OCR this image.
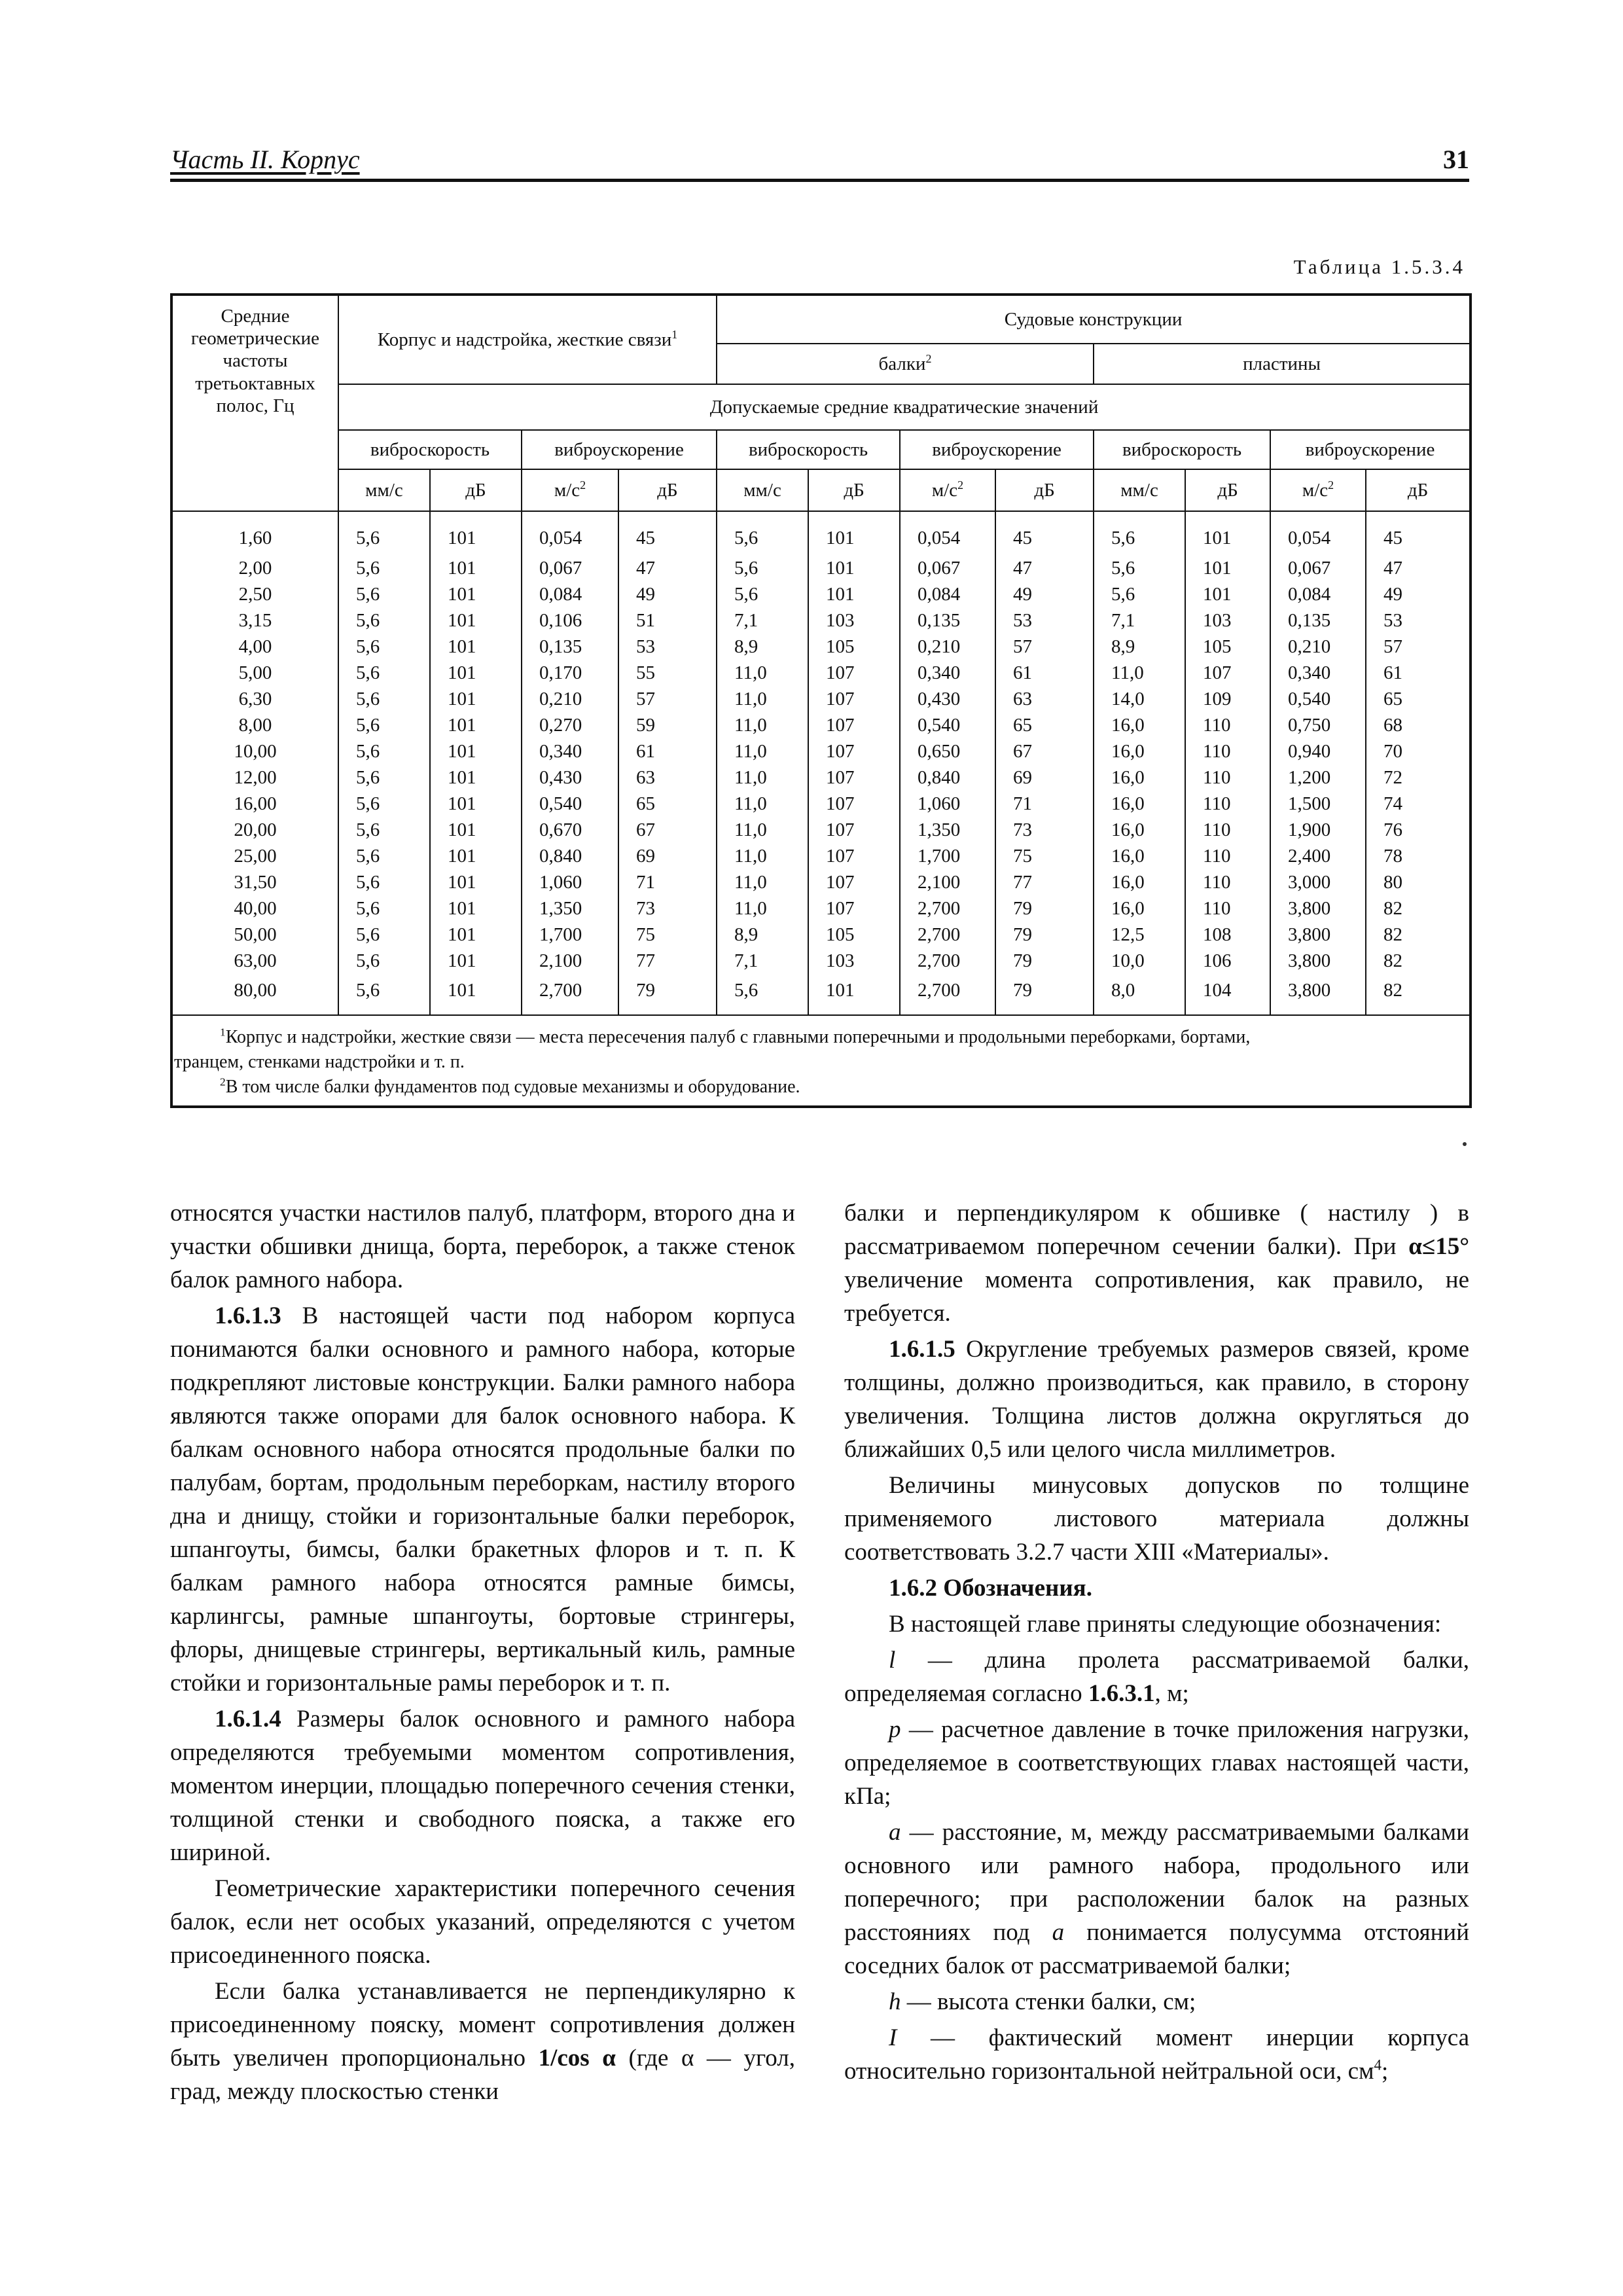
Часть II. Корпус	31
Таблица 1.5.3.4
Средние геометрические частоты третьоктавных полос, Гц	Корпус и надстройка, жесткие связи$^1$				Судовые конструкции							
					балки$^2$				пластины			
	Допускаемые средние квадратические значений											
	виброскорость		виброускорение		виброскорость		виброускорение		виброскорость		виброускорение	
	мм/с	дБ	$м/с^2$	дБ	мм/с	дБ	$м/с^2$	дБ	мм/с	дБ	$м/с^2$	дБ
1,60	5,6	101	0,054	45	5,6	101	0,054	45	5,6	101	0,054	45
2,00	5,6	101	0,067	47	5,6	101	0,067	47	5,6	101	0,067	47
2,50	5,6	101	0,084	49	5,6	101	0,084	49	5,6	101	0,084	49
3,15	5,6	101	0,106	51	7,1	103	0,135	53	7,1	103	0,135	53
4,00	5,6	101	0,135	53	8,9	105	0,210	57	8,9	105	0,210	57
5,00	5,6	101	0,170	55	11,0	107	0,340	61	11,0	107	0,340	61
6,30	5,6	101	0,210	57	11,0	107	0,430	63	14,0	109	0,540	65
8,00	5,6	101	0,270	59	11,0	107	0,540	65	16,0	110	0,750	68
10,00	5,6	101	0,340	61	11,0	107	0,650	67	16,0	110	0,940	70
12,00	5,6	101	0,430	63	11,0	107	0,840	69	16,0	110	1,200	72
16,00	5,6	101	0,540	65	11,0	107	1,060	71	16,0	110	1,500	74
20,00	5,6	101	0,670	67	11,0	107	1,350	73	16,0	110	1,900	76
25,00	5,6	101	0,840	69	11,0	107	1,700	75	16,0	110	2,400	78
31,50	5,6	101	1,060	71	11,0	107	2,100	77	16,0	110	3,000	80
40,00	5,6	101	1,350	73	11,0	107	2,700	79	16,0	110	3,800	82
50,00	5,6	101	1,700	75	8,9	105	2,700	79	12,5	108	3,800	82
63,00	5,6	101	2,100	77	7,1	103	2,700	79	10,0	106	3,800	82
80,00	5,6	101	2,700	79	5,6	101	2,700	79	8,0	104	3,800	82

$^1$Корпус и надстройки, жесткие связи — места пересечения палуб с главными поперечными и продольными переборками, бортами,
транцем, стенками надстройки и т. п.
$^2$В том числе балки фундаментов под судовые механизмы и оборудование.												

относятся участки настилов палуб, платформ, второго дна и участки обшивки днища, борта, переборок, а также стенок балок рамного набора.

1.6.1.3 В настоящей части под набором корпуса понимаются балки основного и рамного набора, которые подкрепляют листовые конструкции. Балки рамного набора являются также опорами для балок основного набора. К балкам основного набора относятся продольные балки по палубам, бортам, продольным переборкам, настилу второго дна и днищу, стойки и горизонтальные балки переборок, шпангоуты, бимсы, балки бракетных флоров и т. п. К балкам рамного набора относятся рамные бимсы, карлингсы, рамные шпангоуты, бортовые стрингеры, флоры, днищевые стрингеры, вертикальный киль, рамные стойки и горизонтальные рамы переборок и т. п.

1.6.1.4 Размеры балок основного и рамного набора определяются требуемыми моментом сопротивления, моментом инерции, площадью поперечного сечения стенки, толщиной стенки и свободного пояска, а также его шириной.

Геометрические характеристики поперечного сечения балок, если нет особых указаний, определяются с учетом присоединенного пояска.

Если балка устанавливается не перпендикулярно к присоединенному пояску, момент сопротивления должен быть увеличен пропорционально 1/cos α (где α — угол, град, между плоскостью стенки

балки и перпендикуляром к обшивке ( настилу ) в рассматриваемом поперечном сечении балки). При α≤15° увеличение момента сопротивления, как правило, не требуется.

1.6.1.5 Округление требуемых размеров связей, кроме толщины, должно производиться, как правило, в сторону увеличения. Толщина листов должна округляться до ближайших 0,5 или целого числа миллиметров.

Величины минусовых допусков по толщине применяемого листового материала должны соответствовать 3.2.7 части XIII «Материалы».

1.6.2 Обозначения.

В настоящей главе приняты следующие обозначения:

l — длина пролета рассматриваемой балки, определяемая согласно 1.6.3.1, м;

p — расчетное давление в точке приложения нагрузки, определяемое в соответствующих главах настоящей части, кПа;

a — расстояние, м, между рассматриваемыми балками основного или рамного набора, продольного или поперечного; при расположении балок на разных расстояниях под a понимается полусумма отстояний соседних балок от рассматриваемой балки;

h — высота стенки балки, см;

I — фактический момент инерции корпуса относительно горизонтальной нейтральной оси, $см^4$;
